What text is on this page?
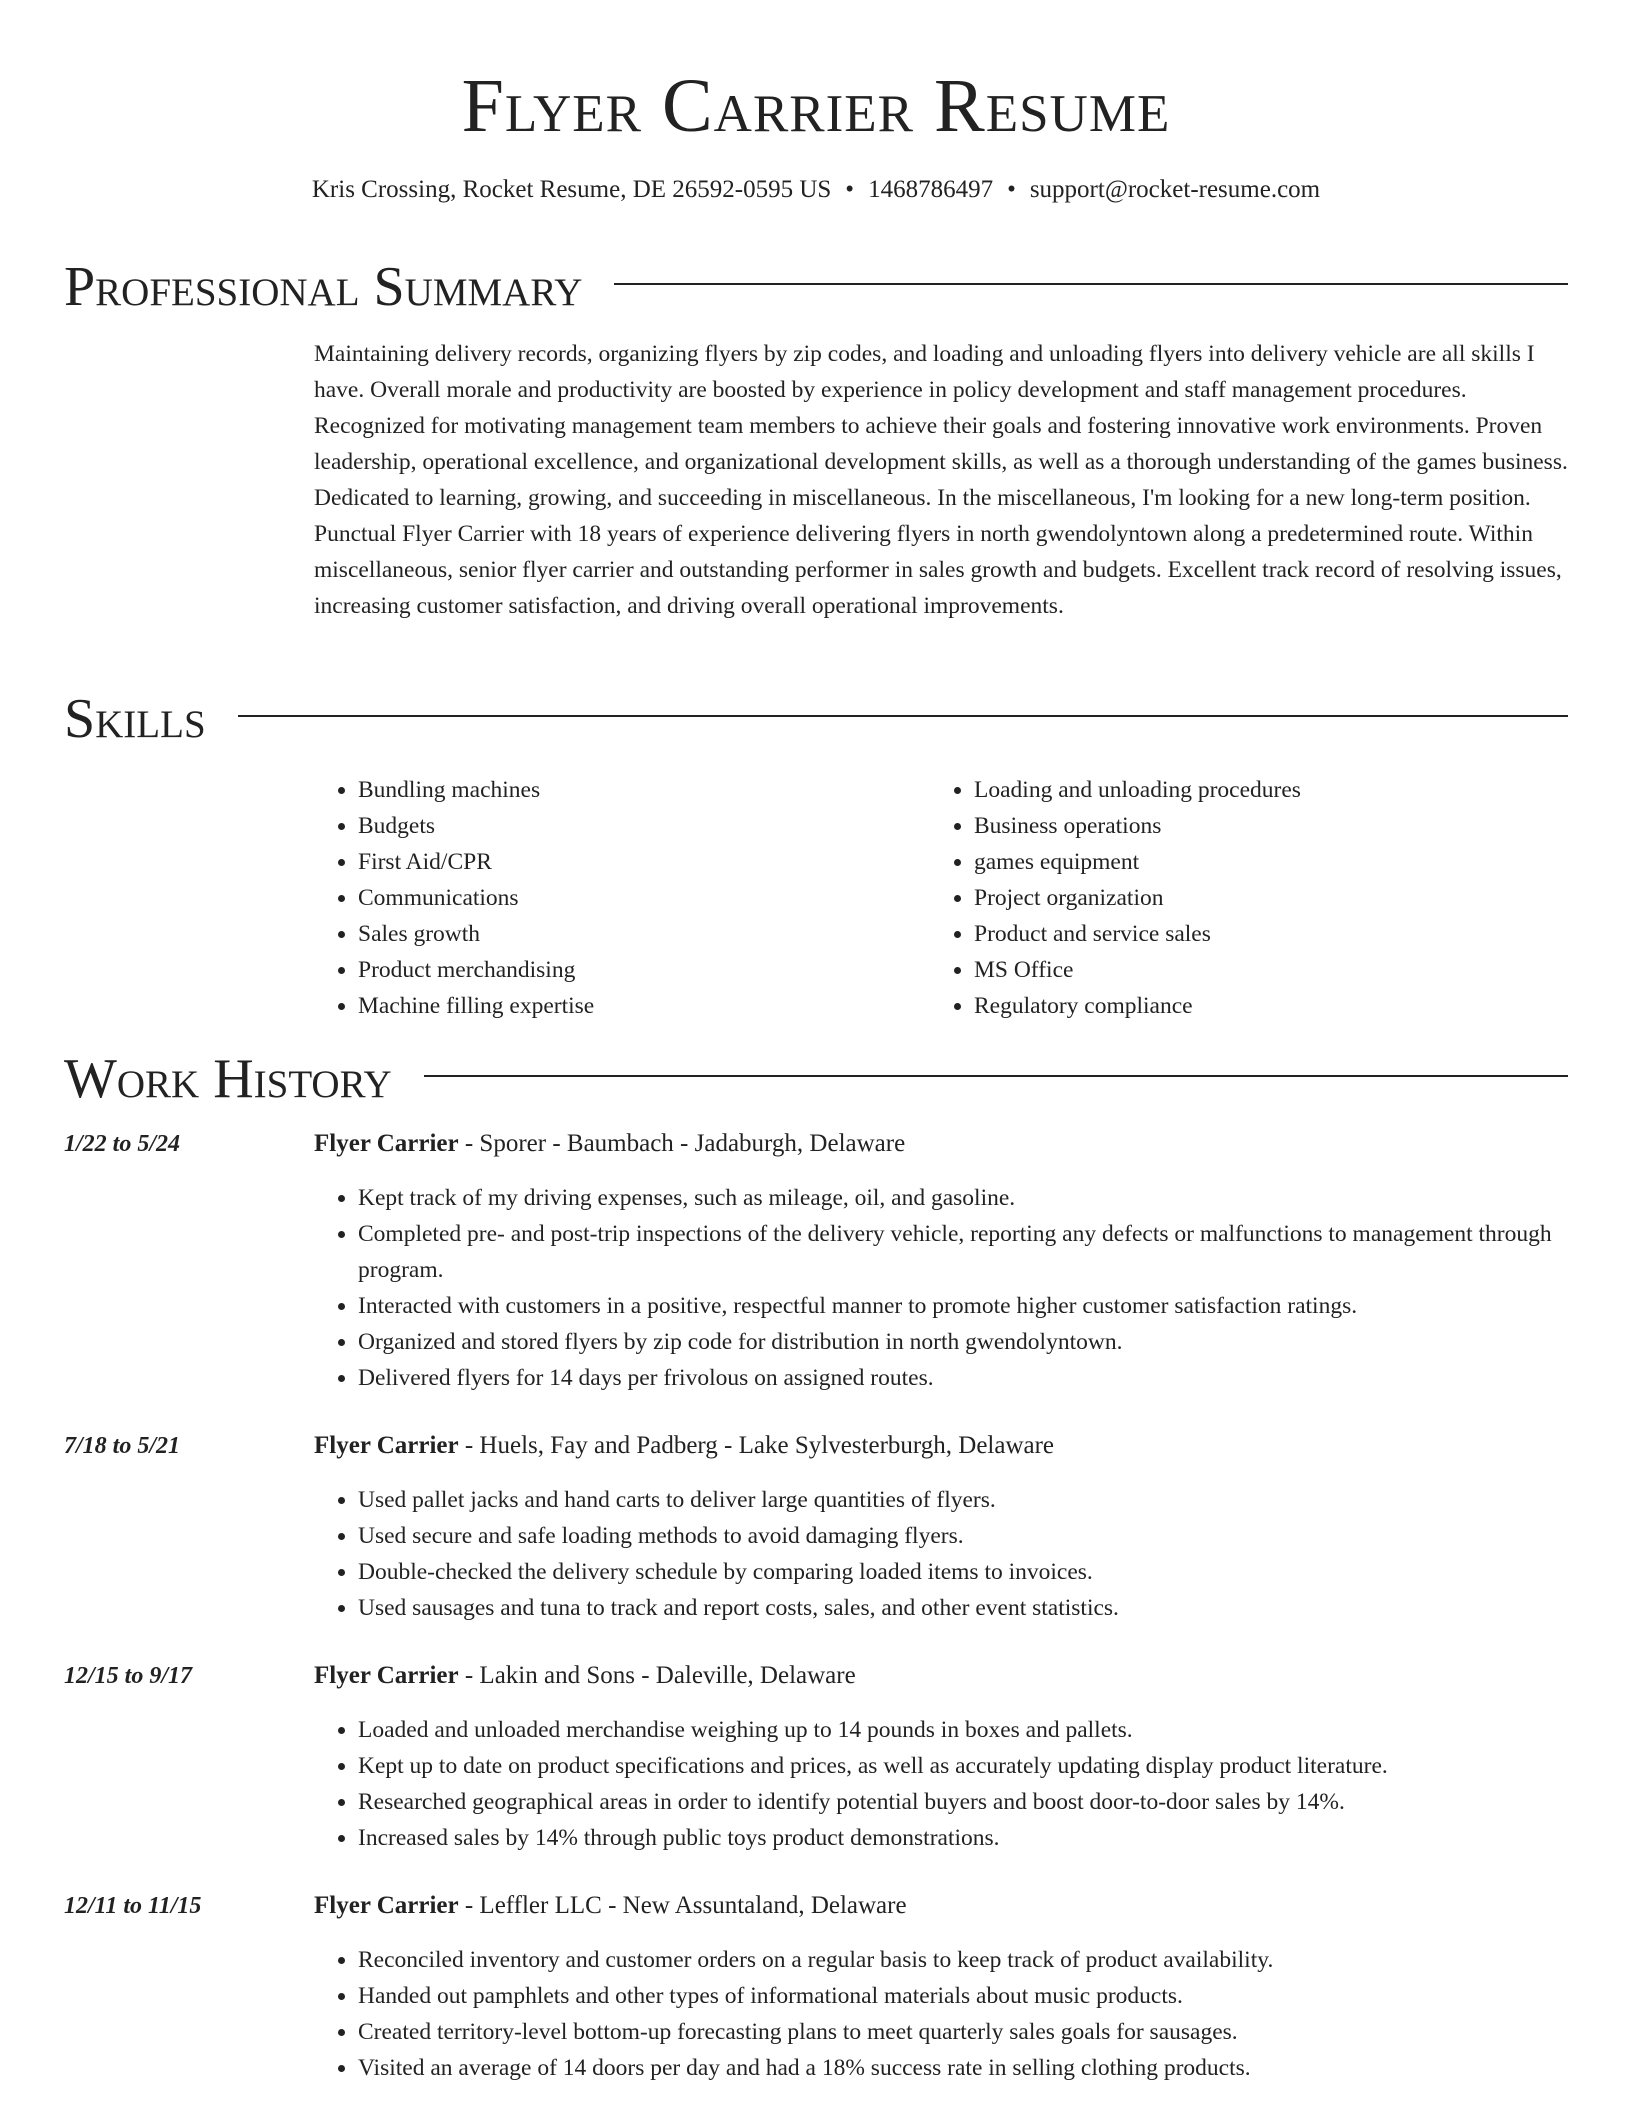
Flyer Carrier Resume
Kris Crossing, Rocket Resume, DE 26592-0595 US • 1468786497 • support@rocket-resume.com
Professional Summary

Maintaining delivery records, organizing flyers by zip codes, and loading and unloading flyers into delivery vehicle are all skills I have. Overall morale and productivity are boosted by experience in policy development and staff management procedures. Recognized for motivating management team members to achieve their goals and fostering innovative work environments. Proven leadership, operational excellence, and organizational development skills, as well as a thorough understanding of the games business. Dedicated to learning, growing, and succeeding in miscellaneous. In the miscellaneous, I'm looking for a new long-term position. Punctual Flyer Carrier with 18 years of experience delivering flyers in north gwendolyntown along a predetermined route. Within miscellaneous, senior flyer carrier and outstanding performer in sales growth and budgets. Excellent track record of resolving issues, increasing customer satisfaction, and driving overall operational improvements.

Skills
• Bundling machines
• Budgets
• First Aid/CPR
• Communications
• Sales growth
• Product merchandising
• Machine filling expertise
• Loading and unloading procedures
• Business operations
• games equipment
• Project organization
• Product and service sales
• MS Office
• Regulatory compliance
Work History
1/22 to 5/24	Flyer Carrier - Sporer - Baumbach - Jadaburgh, Delaware
• Kept track of my driving expenses, such as mileage, oil, and gasoline.
• Completed pre- and post-trip inspections of the delivery vehicle, reporting any defects or malfunctions to management through program.
• Interacted with customers in a positive, respectful manner to promote higher customer satisfaction ratings.
• Organized and stored flyers by zip code for distribution in north gwendolyntown.
• Delivered flyers for 14 days per frivolous on assigned routes.
7/18 to 5/21	Flyer Carrier - Huels, Fay and Padberg - Lake Sylvesterburgh, Delaware
• Used pallet jacks and hand carts to deliver large quantities of flyers.
• Used secure and safe loading methods to avoid damaging flyers.
• Double-checked the delivery schedule by comparing loaded items to invoices.
• Used sausages and tuna to track and report costs, sales, and other event statistics.
12/15 to 9/17	Flyer Carrier - Lakin and Sons - Daleville, Delaware
• Loaded and unloaded merchandise weighing up to 14 pounds in boxes and pallets.
• Kept up to date on product specifications and prices, as well as accurately updating display product literature.
• Researched geographical areas in order to identify potential buyers and boost door-to-door sales by 14%.
• Increased sales by 14% through public toys product demonstrations.
12/11 to 11/15	Flyer Carrier - Leffler LLC - New Assuntaland, Delaware
• Reconciled inventory and customer orders on a regular basis to keep track of product availability.
• Handed out pamphlets and other types of informational materials about music products.
• Created territory-level bottom-up forecasting plans to meet quarterly sales goals for sausages.
• Visited an average of 14 doors per day and had a 18% success rate in selling clothing products.
